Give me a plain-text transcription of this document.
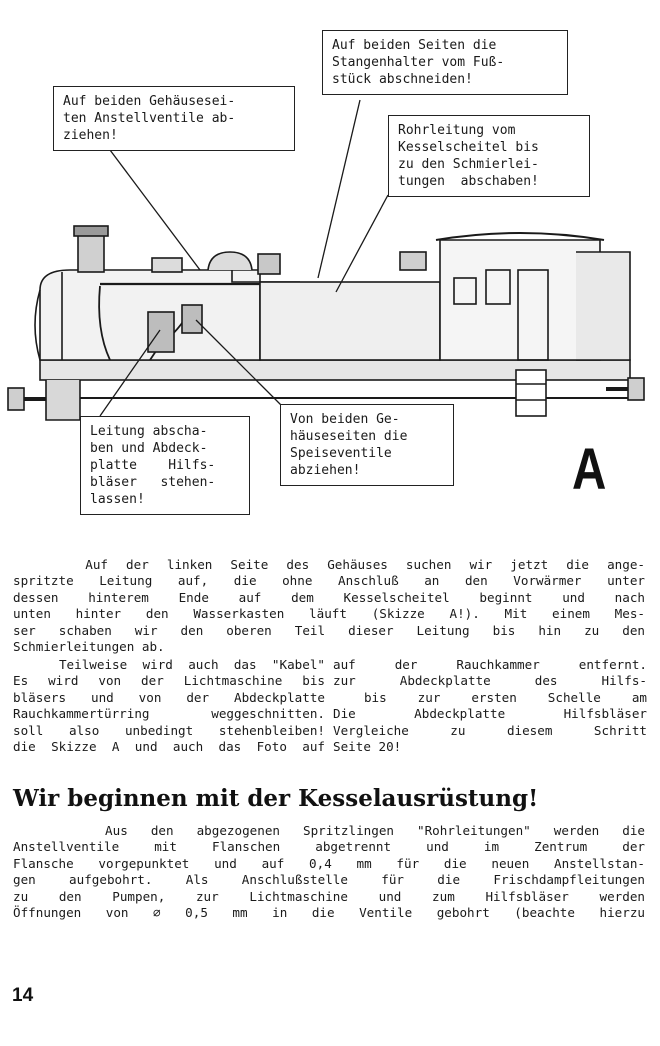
Auf beiden Seiten die
Stangenhalter vom Fuß-
stück abschneiden!
Auf beiden Gehäusesei-
ten Anstellventile ab-
ziehen!	Rohrleitung vom
Kesselscheitel bis
zu den Schmierlei-
tungen  abschaben!
Leitung abscha-
ben und Abdeck-
platte    Hilfs-
bläser   stehen-
lassen!
Von beiden Ge-
häuseseiten die
Speiseventile
abziehen!	A
Auf der linken Seite des Gehäuses suchen wir jetzt die ange-
spritzte Leitung auf, die ohne Anschluß an den Vorwärmer unter
dessen hinterem Ende auf dem Kesselscheitel beginnt und nach
unten hinter den Wasserkasten läuft (Skizze A!). Mit einem Mes-
ser schaben wir den oberen Teil dieser Leitung bis hin zu den
Schmierleitungen ab.
Teilweise wird auch das "Kabel"
Es wird von der Lichtmaschine bis
bläsers und von der Abdeckplatte
Rauchkammertürring weggeschnitten.
soll also unbedingt stehenbleiben!
die Skizze A und auch das Foto auf
auf der Rauchkammer entfernt.
zur Abdeckplatte des Hilfs-
bis zur ersten Schelle am
Die Abdeckplatte Hilfsbläser
Vergleiche zu diesem Schritt
Seite 20!
Wir beginnen mit der Kesselausrüstung!
Aus den abgezogenen Spritzlingen "Rohrleitungen" werden die
Anstellventile mit Flanschen abgetrennt und im Zentrum der
Flansche vorgepunktet und auf 0,4 mm für die neuen Anstellstan-
gen aufgebohrt. Als Anschlußstelle für die Frischdampfleitungen
zu den Pumpen, zur Lichtmaschine und zum Hilfsbläser werden
Öffnungen von ∅ 0,5 mm in die Ventile gebohrt (beachte hierzu
14
